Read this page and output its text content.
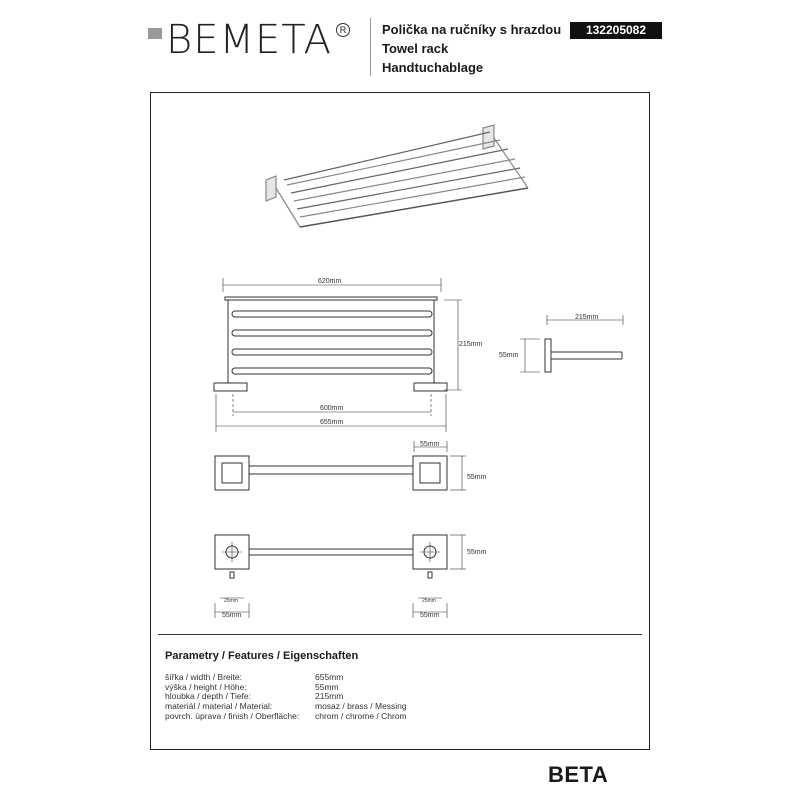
BEMETA R	Polička na ručníky s hrazdou
Towel rack
Handtuchablage
132205082
620mm
215mm
600mm
655mm
215mm
55mm
55mm
55mm
55mm
25mm
55mm
25mm
55mm
Parametry / Features / Eigenschaften
šířka / width / Breite:	655mm
výška / height / Höhe:	55mm
hloubka / depth / Tiefe:	215mm
materiál / material / Material:	mosaz / brass / Messing
povrch. úprava / finish / Oberfläche:	chrom / chrome / Chrom
BETA
